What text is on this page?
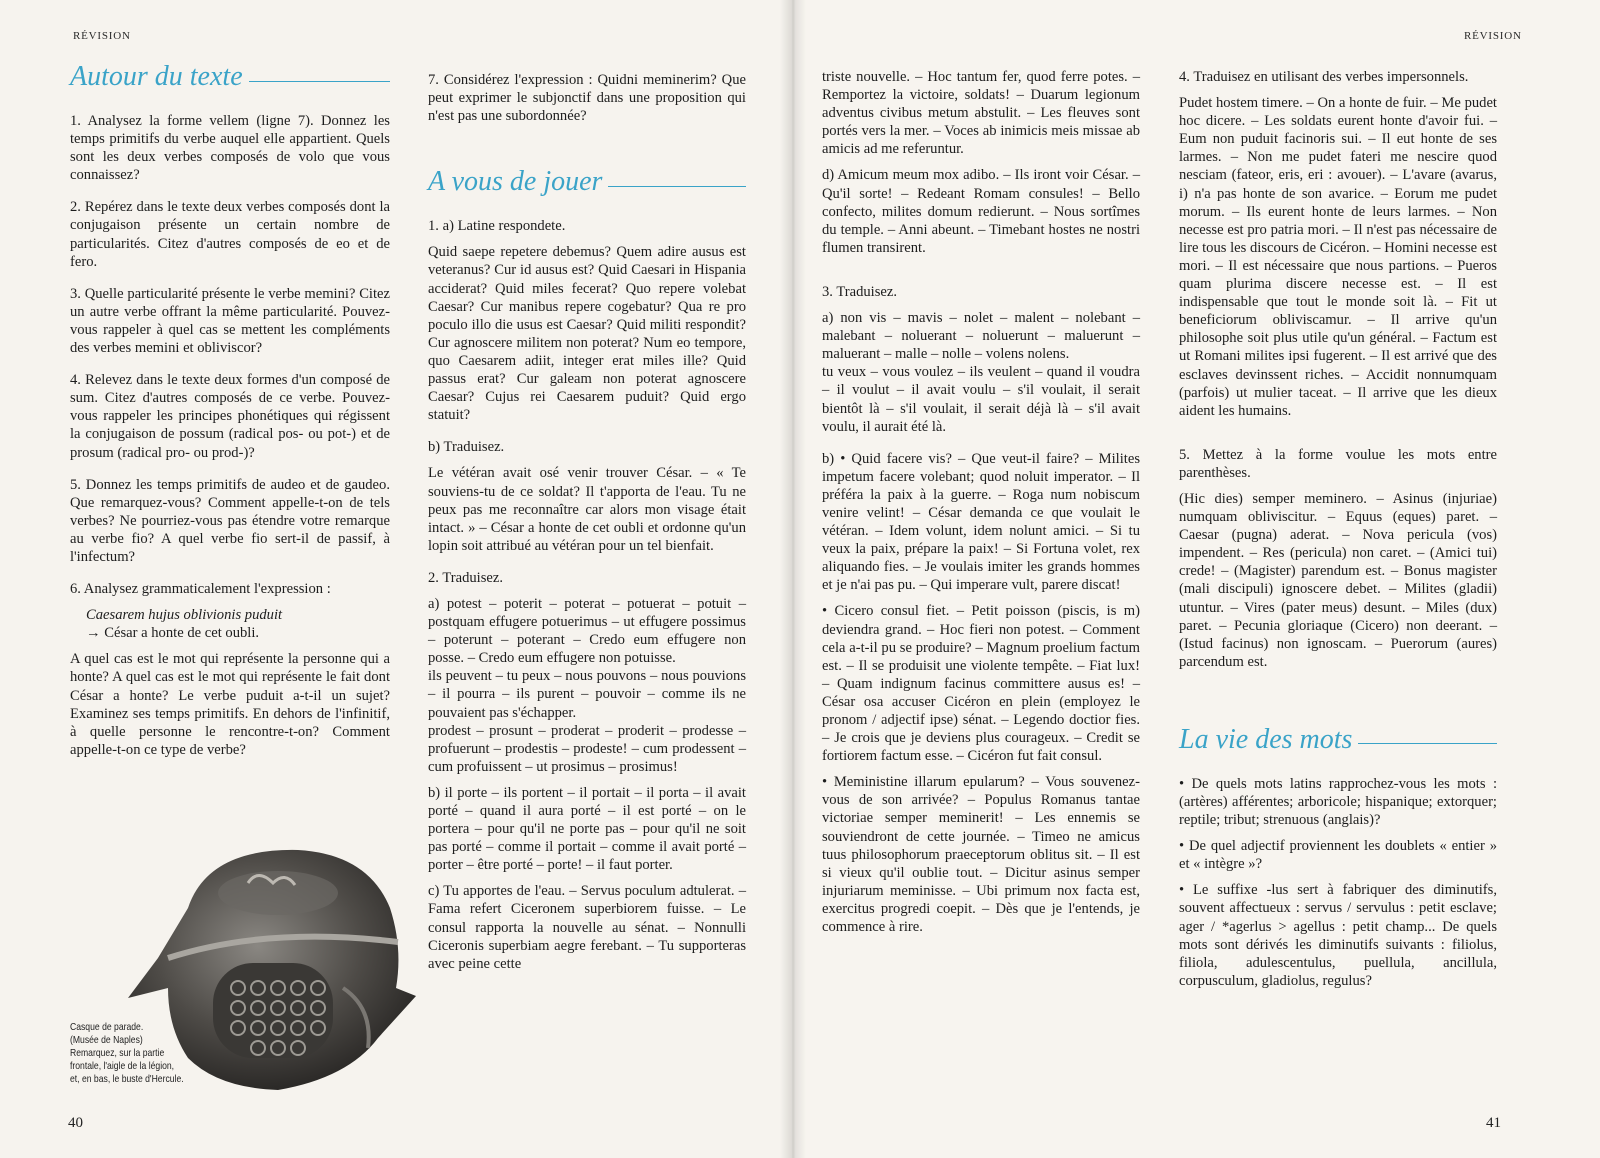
RÉVISION
Autour du texte

1. Analysez la forme vellem (ligne 7). Donnez les temps primitifs du verbe auquel elle appartient. Quels sont les deux verbes composés de volo que vous connaissez?

2. Repérez dans le texte deux verbes composés dont la conjugaison présente un certain nombre de particularités. Citez d'autres composés de eo et de fero.

3. Quelle particularité présente le verbe memini? Citez un autre verbe offrant la même particularité. Pouvez-vous rappeler à quel cas se mettent les compléments des verbes memini et obliviscor?

4. Relevez dans le texte deux formes d'un composé de sum. Citez d'autres composés de ce verbe. Pouvez-vous rappeler les principes phonétiques qui régissent la conjugaison de possum (radical pos- ou pot-) et de prosum (radical pro- ou prod-)?

5. Donnez les temps primitifs de audeo et de gaudeo. Que remarquez-vous? Comment appelle-t-on de tels verbes? Ne pourriez-vous pas étendre votre remarque au verbe fio? A quel verbe fio sert-il de passif, à l'infectum?

6. Analysez grammaticalement l'expression :

Caesarem hujus oblivionis puduit

→ César a honte de cet oubli.

A quel cas est le mot qui représente la personne qui a honte? A quel cas est le mot qui représente le fait dont César a honte? Le verbe puduit a-t-il un sujet? Examinez ses temps primitifs. En dehors de l'infinitif, à quelle personne le rencontre-t-on? Comment appelle-t-on ce type de verbe?

Casque de parade.
(Musée de Naples)
Remarquez, sur la partie
frontale, l'aigle de la légion,
et, en bas, le buste d'Hercule.

7. Considérez l'expression : Quidni meminerim? Que peut exprimer le subjonctif dans une proposition qui n'est pas une subordonnée?

A vous de jouer

1. a) Latine respondete.

Quid saepe repetere debemus? Quem adire ausus est veteranus? Cur id ausus est? Quid Caesari in Hispania acciderat? Quid miles fecerat? Quo repere volebat Caesar? Cur manibus repere cogebatur? Qua re pro poculo illo die usus est Caesar? Quid militi respondit? Cur agnoscere militem non poterat? Num eo tempore, quo Caesarem adiit, integer erat miles ille? Quid passus erat? Cur galeam non poterat agnoscere Caesar? Cujus rei Caesarem puduit? Quid ergo statuit?

b) Traduisez.

Le vétéran avait osé venir trouver César. – « Te souviens-tu de ce soldat? Il t'apporta de l'eau. Tu ne peux pas me reconnaître car alors mon visage était intact. » – César a honte de cet oubli et ordonne qu'un lopin soit attribué au vétéran pour un tel bienfait.

2. Traduisez.

a) potest – poterit – poterat – potuerat – potuit – postquam effugere potuerimus – ut effugere possimus – poterunt – poterant – Credo eum effugere non posse. – Credo eum effugere non potuisse.

ils peuvent – tu peux – nous pouvons – nous pouvions – il pourra – ils purent – pouvoir – comme ils ne pouvaient pas s'échapper.

prodest – prosunt – proderat – proderit – prodesse – profuerunt – prodestis – prodeste! – cum prodessent – cum profuissent – ut prosimus – prosimus!

b) il porte – ils portent – il portait – il porta – il avait porté – quand il aura porté – il est porté – on le portera – pour qu'il ne porte pas – pour qu'il ne soit pas porté – comme il portait – comme il avait porté – porter – être porté – porte! – il faut porter.

c) Tu apportes de l'eau. – Servus poculum adtulerat. – Fama refert Ciceronem superbiorem fuisse. – Le consul rapporta la nouvelle au sénat. – Nonnulli Ciceronis superbiam aegre ferebant. – Tu supporteras avec peine cette

40
RÉVISION

triste nouvelle. – Hoc tantum fer, quod ferre potes. – Remportez la victoire, soldats! – Duarum legionum adventus civibus metum abstulit. – Les fleuves sont portés vers la mer. – Voces ab inimicis meis missae ab amicis ad me referuntur.

d) Amicum meum mox adibo. – Ils iront voir César. – Qu'il sorte! – Redeant Romam consules! – Bello confecto, milites domum redierunt. – Nous sortîmes du temple. – Anni abeunt. – Timebant hostes ne nostri flumen transirent.

3. Traduisez.

a) non vis – mavis – nolet – malent – nolebant – malebant – noluerant – noluerunt – maluerunt – maluerant – malle – nolle – volens nolens.

tu veux – vous voulez – ils veulent – quand il voudra – il voulut – il avait voulu – s'il voulait, il serait bientôt là – s'il voulait, il serait déjà là – s'il avait voulu, il aurait été là.

b) • Quid facere vis? – Que veut-il faire? – Milites impetum facere volebant; quod noluit imperator. – Il préféra la paix à la guerre. – Roga num nobiscum venire velint! – César demanda ce que voulait le vétéran. – Idem volunt, idem nolunt amici. – Si tu veux la paix, prépare la paix! – Si Fortuna volet, rex aliquando fies. – Je voulais imiter les grands hommes et je n'ai pas pu. – Qui imperare vult, parere discat!

• Cicero consul fiet. – Petit poisson (piscis, is m) deviendra grand. – Hoc fieri non potest. – Comment cela a-t-il pu se produire? – Magnum proelium factum est. – Il se produisit une violente tempête. – Fiat lux! – Quam indignum facinus committere ausus es! – César osa accuser Cicéron en plein (employez le pronom / adjectif ipse) sénat. – Legendo doctior fies. – Je crois que je deviens plus courageux. – Credit se fortiorem factum esse. – Cicéron fut fait consul.

• Meministine illarum epularum? – Vous souvenez-vous de son arrivée? – Populus Romanus tantae victoriae semper meminerit! – Les ennemis se souviendront de cette journée. – Timeo ne amicus tuus philosophorum praeceptorum oblitus sit. – Il est si vieux qu'il oublie tout. – Dicitur asinus semper injuriarum meminisse. – Ubi primum nox facta est, exercitus progredi coepit. – Dès que je l'entends, je commence à rire.

4. Traduisez en utilisant des verbes impersonnels.

Pudet hostem timere. – On a honte de fuir. – Me pudet hoc dicere. – Les soldats eurent honte d'avoir fui. – Eum non puduit facinoris sui. – Il eut honte de ses larmes. – Non me pudet fateri me nescire quod nesciam (fateor, eris, eri : avouer). – L'avare (avarus, i) n'a pas honte de son avarice. – Eorum me pudet morum. – Ils eurent honte de leurs larmes. – Non necesse est pro patria mori. – Il n'est pas nécessaire de lire tous les discours de Cicéron. – Homini necesse est mori. – Il est nécessaire que nous partions. – Pueros quam plurima discere necesse est. – Il est indispensable que tout le monde soit là. – Fit ut beneficiorum obliviscamur. – Il arrive qu'un philosophe soit plus utile qu'un général. – Factum est ut Romani milites ipsi fugerent. – Il est arrivé que des esclaves devinssent riches. – Accidit nonnumquam (parfois) ut mulier taceat. – Il arrive que les dieux aident les humains.

5. Mettez à la forme voulue les mots entre parenthèses.

(Hic dies) semper meminero. – Asinus (injuriae) numquam obliviscitur. – Equus (eques) paret. – Caesar (pugna) aderat. – Nova pericula (vos) impendent. – Res (pericula) non caret. – (Amici tui) crede! – (Magister) parendum est. – Bonus magister (mali discipuli) ignoscere debet. – Milites (gladii) utuntur. – Vires (pater meus) desunt. – Miles (dux) paret. – Pecunia gloriaque (Cicero) non deerant. – (Istud facinus) non ignoscam. – Puerorum (aures) parcendum est.

La vie des mots

• De quels mots latins rapprochez-vous les mots : (artères) afférentes; arboricole; hispanique; extorquer; reptile; tribut; strenuous (anglais)?

• De quel adjectif proviennent les doublets « entier » et « intègre »?

• Le suffixe -lus sert à fabriquer des diminutifs, souvent affectueux : servus / servulus : petit esclave; ager / *agerlus > agellus : petit champ... De quels mots sont dérivés les diminutifs suivants : filiolus, filiola, adulescentulus, puellula, ancillula, corpusculum, gladiolus, regulus?

41
